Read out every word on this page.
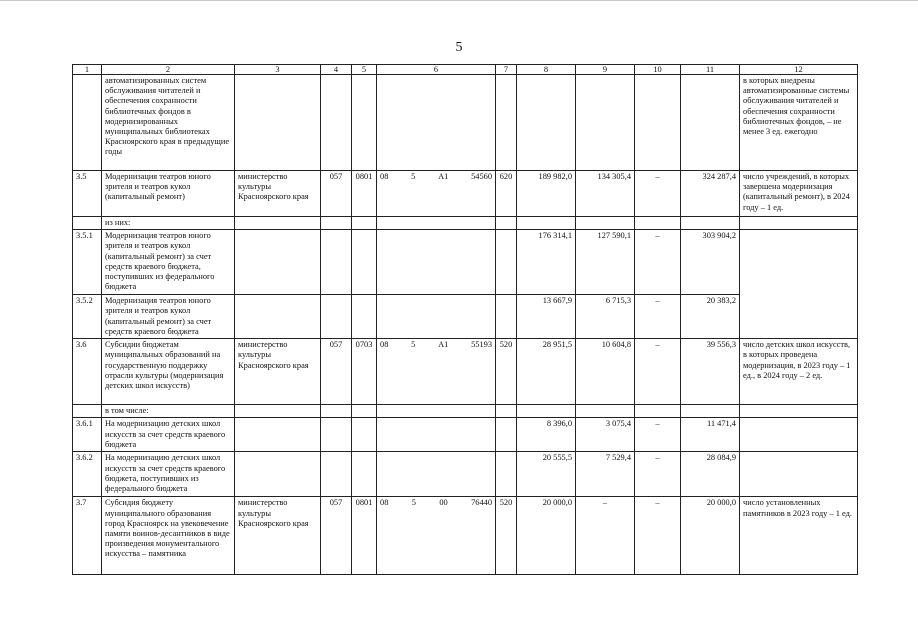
5
1	2	3	4	5	6	7	8	9	10	11	12
	автоматизированных систем обслуживания читателей и обеспечения сохранности библиотечных фондов в модернизированных муниципальных библиотеках Красноярского края в предыдущие годы										в которых внедрены автоматизированные системы обслуживания читателей и обеспечения сохранности библиотечных фондов, – не менее 3 ед. ежегодно
3.5	Модернизация театров юного зрителя и театров кукол (капитальный ремонт)	министерство культуры Красноярского края	057	0801	08 5 А1 54560	620	189 982,0	134 305,4	–	324 287,4	число учреждений, в которых завершена модернизация (капитальный ремонт), в 2024 году – 1 ед.
	из них:										
3.5.1	Модернизация театров юного зрителя и театров кукол (капитальный ремонт) за счет средств краевого бюджета, поступивших из федерального бюджета						176 314,1	127 590,1	–	303 904,2	
3.5.2	Модернизация театров юного зрителя и театров кукол (капитальный ремонт) за счет средств краевого бюджета						13 667,9	6 715,3	–	20 383,2	
3.6	Субсидии бюджетам муниципальных образований на государственную поддержку отрасли культуры (модернизация детских школ искусств)	министерство культуры Красноярского края	057	0703	08 5 А1 55193	520	28 951,5	10 604,8	–	39 556,3	число детских школ искусств, в которых проведена модернизация, в 2023 году – 1 ед., в 2024 году – 2 ед.
	в том числе:										
3.6.1	На модернизацию детских школ искусств за счет средств краевого бюджета						8 396,0	3 075,4	–	11 471,4	
3.6.2	На модернизацию детских школ искусств за счет средств краевого бюджета, поступивших из федерального бюджета						20 555,5	7 529,4	–	28 084,9	
3.7	Субсидия бюджету муниципального образования город Красноярск на увековечение памяти воинов-десантников в виде произведения монументального искусства – памятника	министерство культуры Красноярского края	057	0801	08 5 00 76440	520	20 000,0	–	–	20 000,0	число установленных памятников в 2023 году – 1 ед.
